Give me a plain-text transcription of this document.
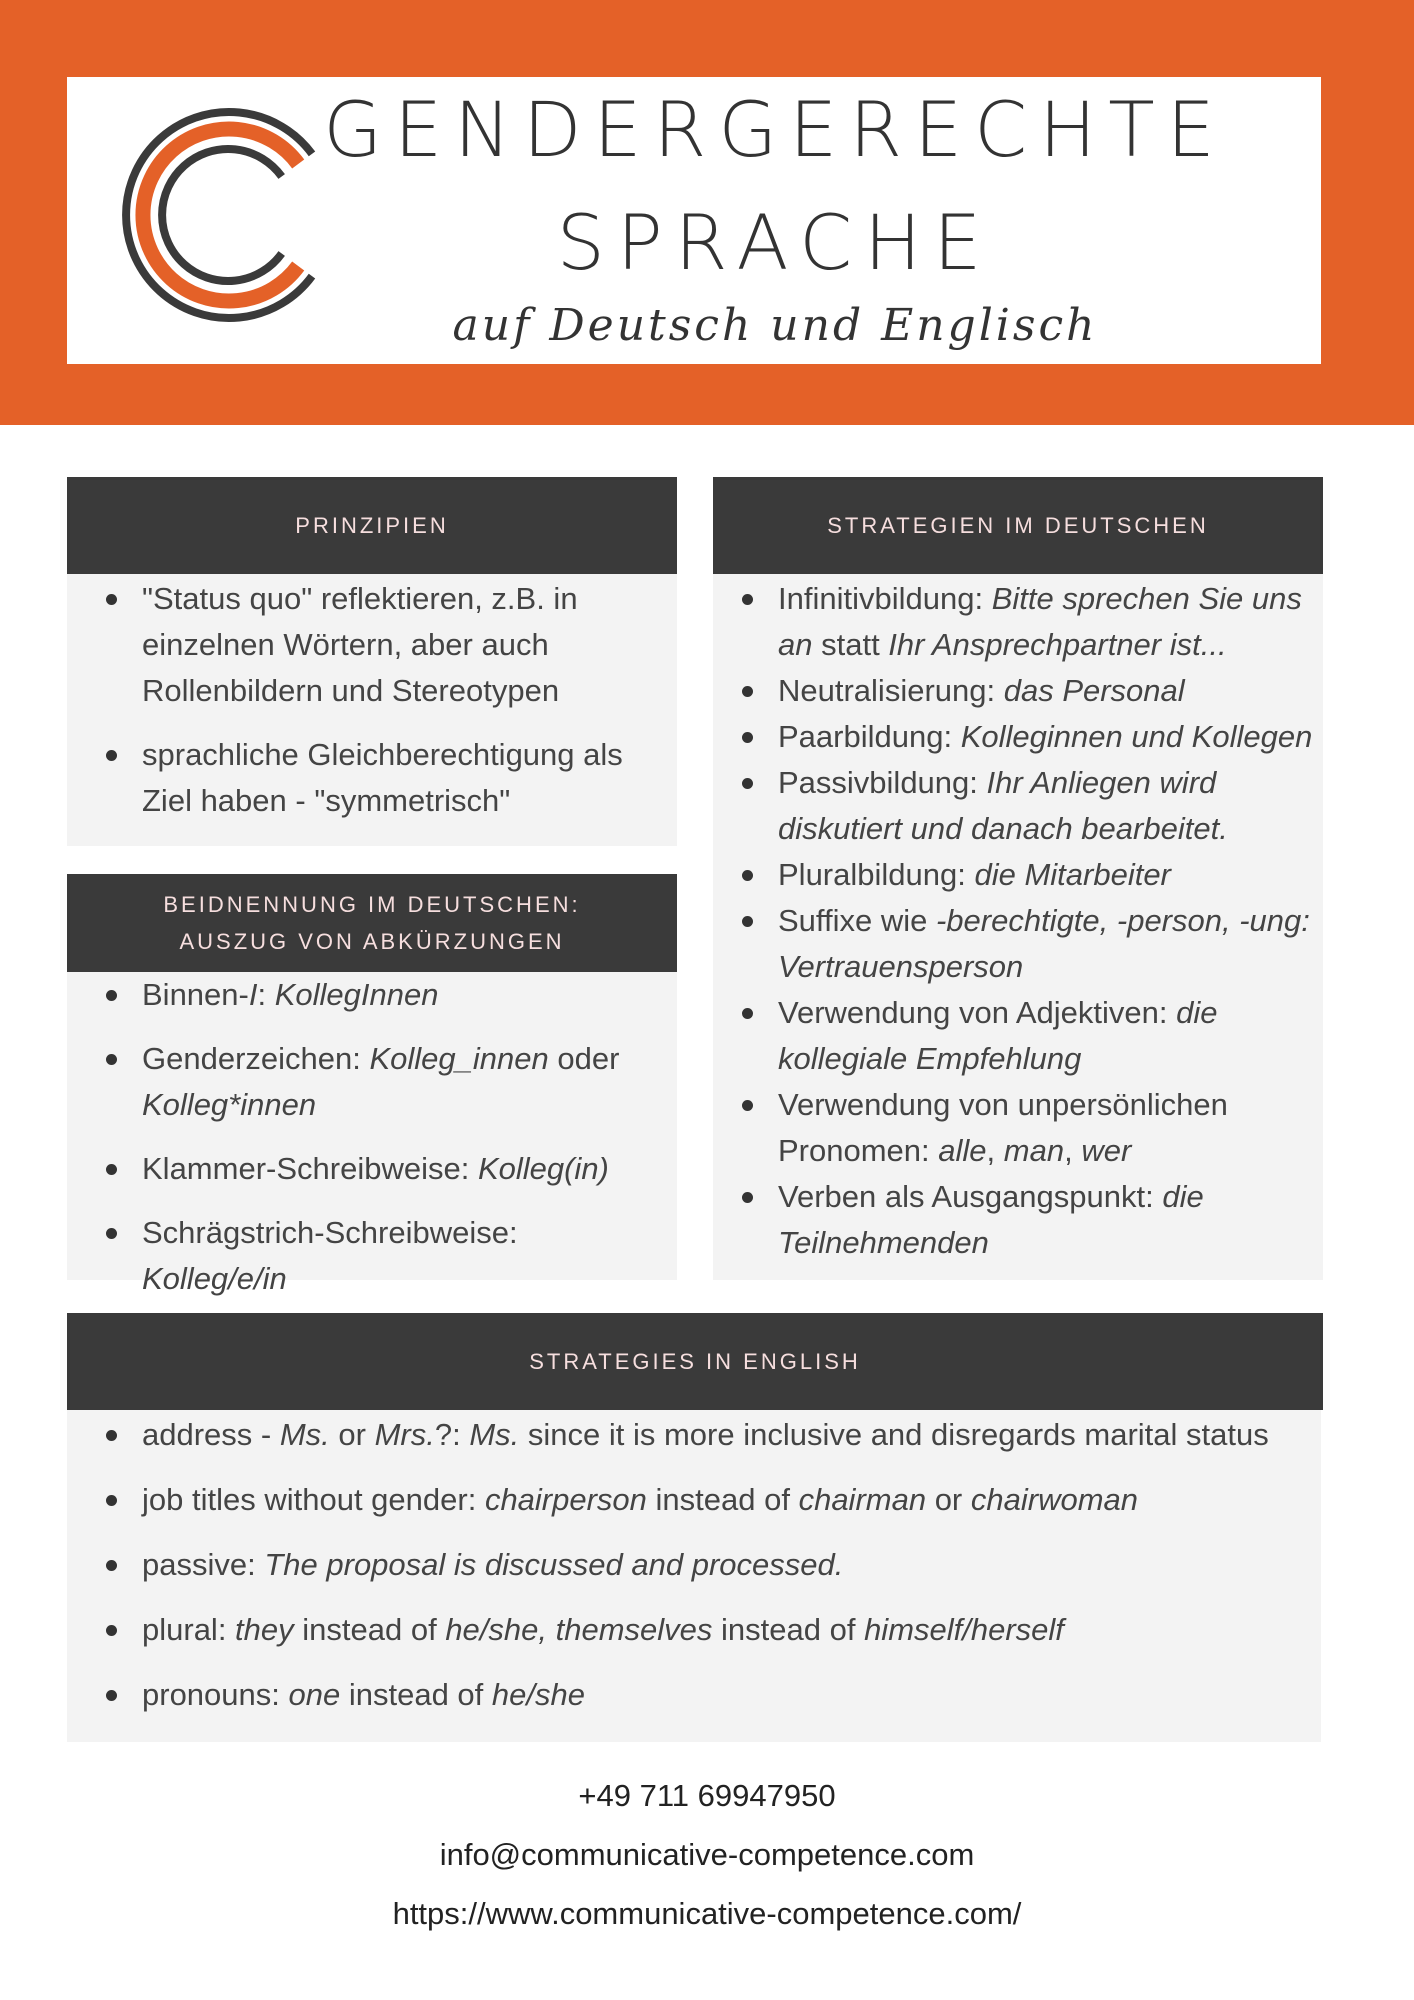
GENDERGERECHTE
SPRACHE
auf Deutsch und Englisch
PRINZIPIEN
"Status quo" reflektieren, z.B. in einzelnen Wörtern, aber auch Rollenbildern und Stereotypen
sprachliche Gleichberechtigung als Ziel haben - "symmetrisch"
BEIDNENNUNG IM DEUTSCHEN:
AUSZUG VON ABKÜRZUNGEN
Binnen-I: KollegInnen
Genderzeichen: Kolleg_innen oder Kolleg*innen
Klammer-Schreibweise: Kolleg(in)
Schrägstrich-Schreibweise: Kolleg/e/in
STRATEGIEN IM DEUTSCHEN
Infinitivbildung: Bitte sprechen Sie uns an statt Ihr Ansprechpartner ist...
Neutralisierung: das Personal
Paarbildung: Kolleginnen und Kollegen
Passivbildung: Ihr Anliegen wird diskutiert und danach bearbeitet.
Pluralbildung: die Mitarbeiter
Suffixe wie -berechtigte, -person, -ung: Vertrauensperson
Verwendung von Adjektiven: die kollegiale Empfehlung
Verwendung von unpersönlichen Pronomen: alle, man, wer
Verben als Ausgangspunkt: die Teilnehmenden
STRATEGIES IN ENGLISH
address - Ms. or Mrs.?: Ms. since it is more inclusive and disregards marital status
job titles without gender: chairperson instead of chairman or chairwoman
passive: The proposal is discussed and processed.
plural: they instead of he/she, themselves instead of himself/herself
pronouns: one instead of he/she
+49 711 69947950
info@communicative-competence.com
https://www.communicative-competence.com/
